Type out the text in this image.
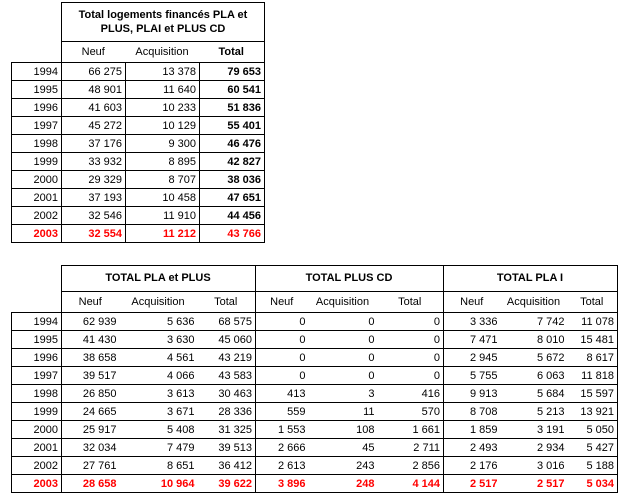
	Total logements financés PLA et PLUS, PLAI et PLUS CD		
	Neuf	Acquisition	Total
1994	66 275	13 378	79 653
1995	48 901	11 640	60 541
1996	41 603	10 233	51 836
1997	45 272	10 129	55 401
1998	37 176	9 300	46 476
1999	33 932	8 895	42 827
2000	29 329	8 707	38 036
2001	37 193	10 458	47 651
2002	32 546	11 910	44 456
2003	32 554	11 212	43 766
	TOTAL PLA et PLUS			TOTAL PLUS CD			TOTAL PLA I		
	Neuf	Acquisition	Total	Neuf	Acquisition	Total	Neuf	Acquisition	Total
1994	62 939	5 636	68 575	0	0	0	3 336	7 742	11 078
1995	41 430	3 630	45 060	0	0	0	7 471	8 010	15 481
1996	38 658	4 561	43 219	0	0	0	2 945	5 672	8 617
1997	39 517	4 066	43 583	0	0	0	5 755	6 063	11 818
1998	26 850	3 613	30 463	413	3	416	9 913	5 684	15 597
1999	24 665	3 671	28 336	559	11	570	8 708	5 213	13 921
2000	25 917	5 408	31 325	1 553	108	1 661	1 859	3 191	5 050
2001	32 034	7 479	39 513	2 666	45	2 711	2 493	2 934	5 427
2002	27 761	8 651	36 412	2 613	243	2 856	2 176	3 016	5 188
2003	28 658	10 964	39 622	3 896	248	4 144	2 517	2 517	5 034
